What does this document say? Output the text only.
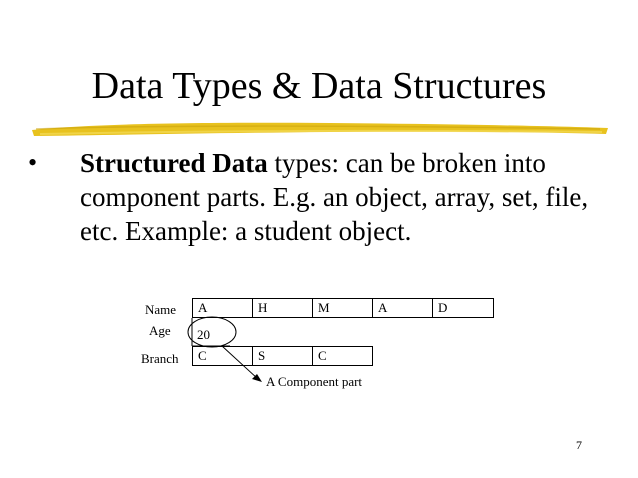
Data Types & Data Structures
• Structured Data types: can be broken into component parts. E.g. an object, array, set, file, etc. Example: a student object.
Name	A	H	M	A	D
Age 20
Branch	C	S	C
A Component part
7
